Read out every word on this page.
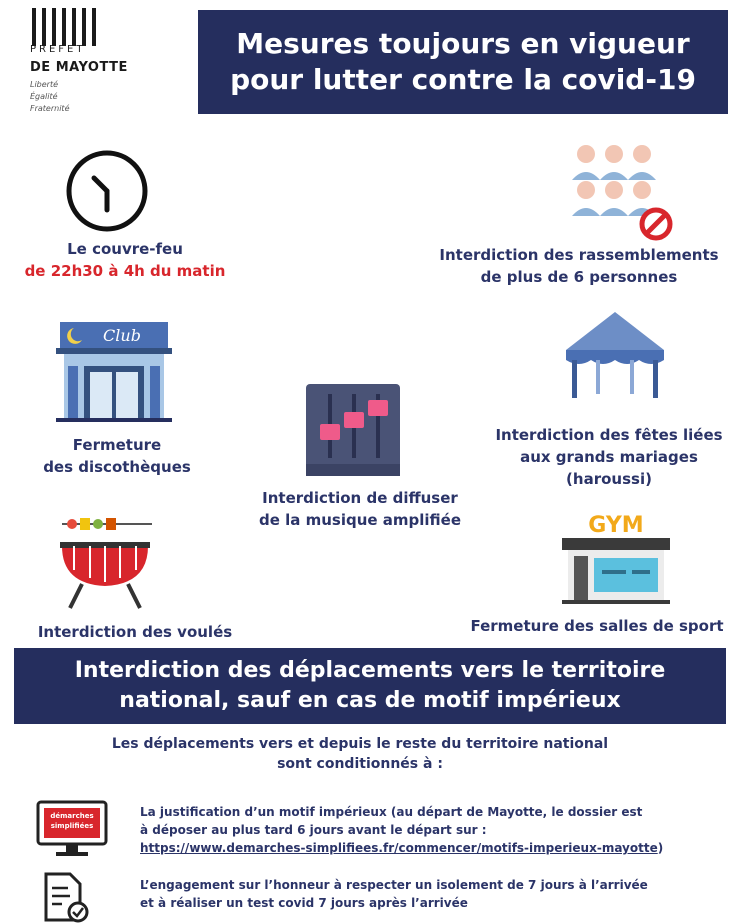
PREFET
DE MAYOTTE
Liberté
Égalité
Fraternité
Mesures toujours en vigueur
pour lutter contre la covid-19
Le couvre-feu
de 22h30 à 4h du matin
Interdiction des rassemblements
de plus de 6 personnes
Club
Fermeture
des discothèques
Interdiction de diffuser
de la musique amplifiée
Interdiction des fêtes liées
aux grands mariages
(haroussi)
Interdiction des voulés
GYM
Fermeture des salles de sport
Interdiction des déplacements vers le territoire
national, sauf en cas de motif impérieux
Les déplacements vers et depuis le reste du territoire national
sont conditionnés à :
démarches
simplifiées
La justification d’un motif impérieux (au départ de Mayotte, le dossier est
à déposer au plus tard 6 jours avant le départ sur :
https://www.demarches-simplifiees.fr/commencer/motifs-imperieux-mayotte)
L’engagement sur l’honneur à respecter un isolement de 7 jours à l’arrivée
et à réaliser un test covid 7 jours après l’arrivée
